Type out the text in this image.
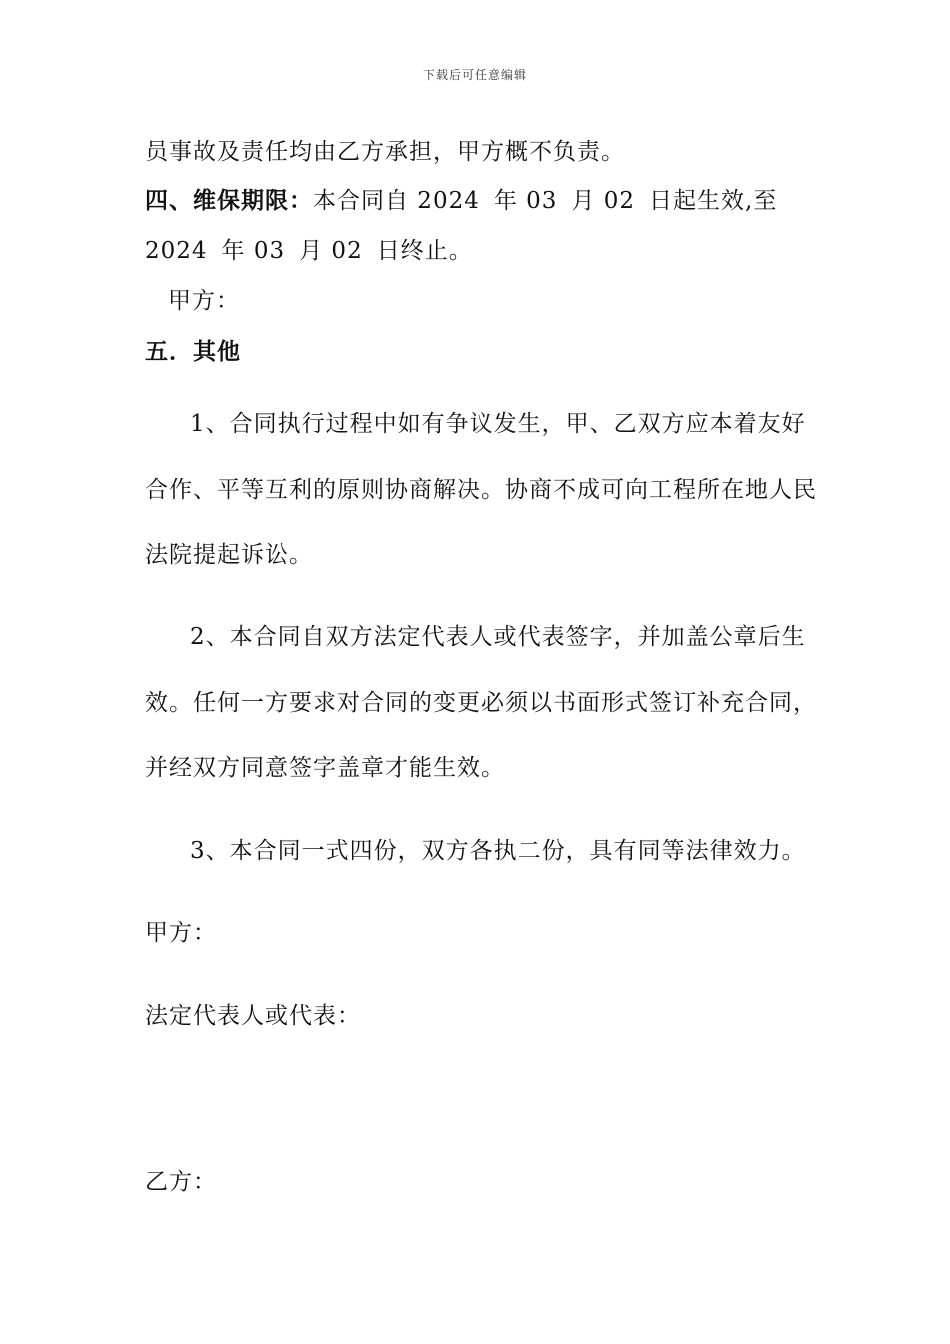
下载后可任意编辑
员事故及责任均由乙方承担，甲方概不负责。
四、维保期限：本合同自 2024 年 03 月 02 日起生效,至
2024 年 03 月 02 日终止。
甲方：
五．其他
1、合同执行过程中如有争议发生，甲、乙双方应本着友好
合作、平等互利的原则协商解决。协商不成可向工程所在地人民
法院提起诉讼。
2、本合同自双方法定代表人或代表签字，并加盖公章后生
效。任何一方要求对合同的变更必须以书面形式签订补充合同，
并经双方同意签字盖章才能生效。
3、本合同一式四份，双方各执二份，具有同等法律效力。
甲方：
法定代表人或代表：
乙方：
